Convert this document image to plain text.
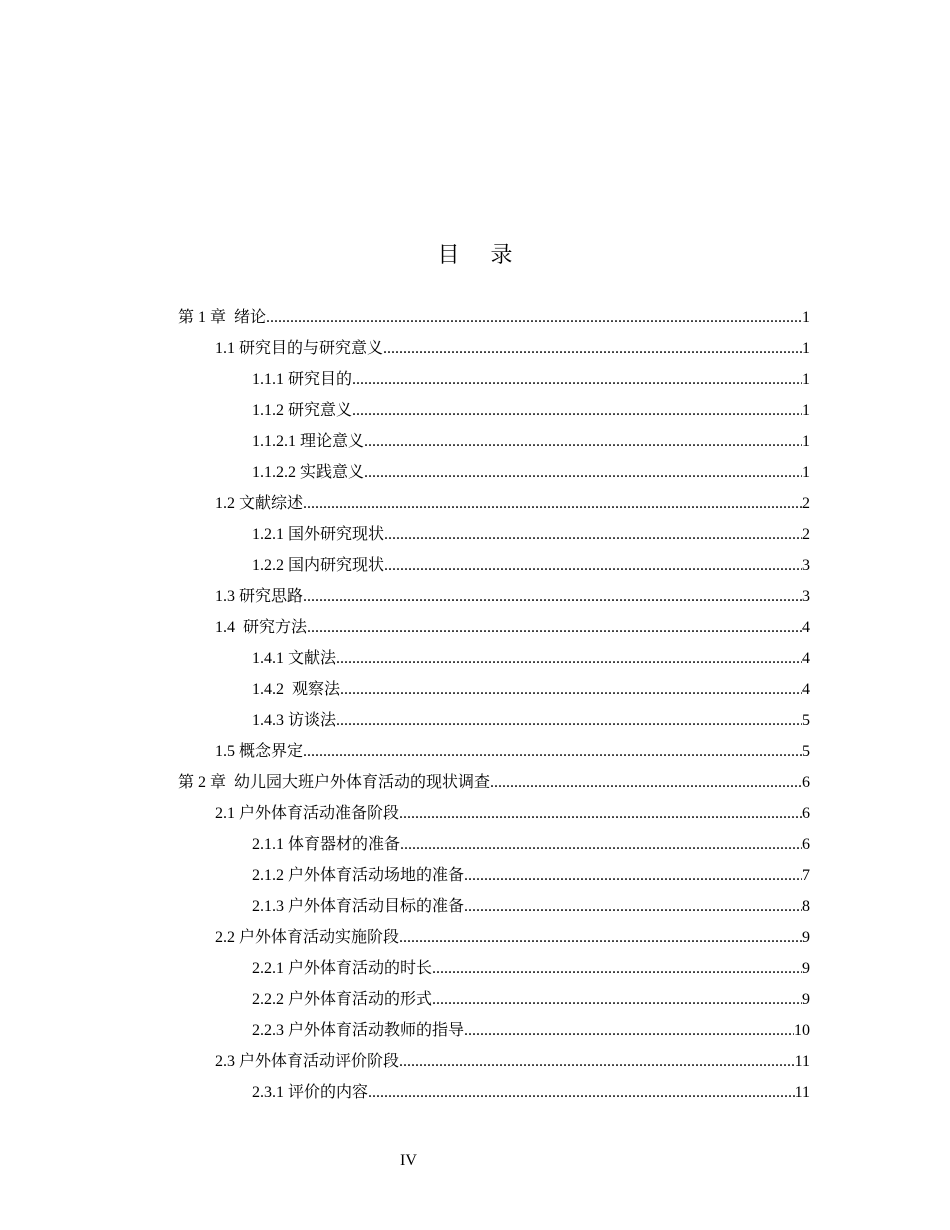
目 录
第 1 章  绪论 .....	1
1.1 研究目的与研究意义 .....	1
1.1.1 研究目的 .....	1
1.1.2 研究意义 .....	1
1.1.2.1 理论意义 .....	1
1.1.2.2 实践意义 .....	1
1.2 文献综述 .....	2
1.2.1 国外研究现状 .....	2
1.2.2 国内研究现状 .....	3
1.3 研究思路 .....	3
1.4  研究方法 .....	4
1.4.1 文献法 .....	4
1.4.2  观察法 .....	4
1.4.3 访谈法 .....	5
1.5 概念界定 .....	5
第 2 章  幼儿园大班户外体育活动的现状调查 .....	6
2.1 户外体育活动准备阶段 .....	6
2.1.1 体育器材的准备 .....	6
2.1.2 户外体育活动场地的准备 .....	7
2.1.3 户外体育活动目标的准备 .....	8
2.2 户外体育活动实施阶段 .....	9
2.2.1 户外体育活动的时长 .....	9
2.2.2 户外体育活动的形式 .....	9
2.2.3 户外体育活动教师的指导 .....	10
2.3 户外体育活动评价阶段 .....	11
2.3.1 评价的内容 .....	11
IV
